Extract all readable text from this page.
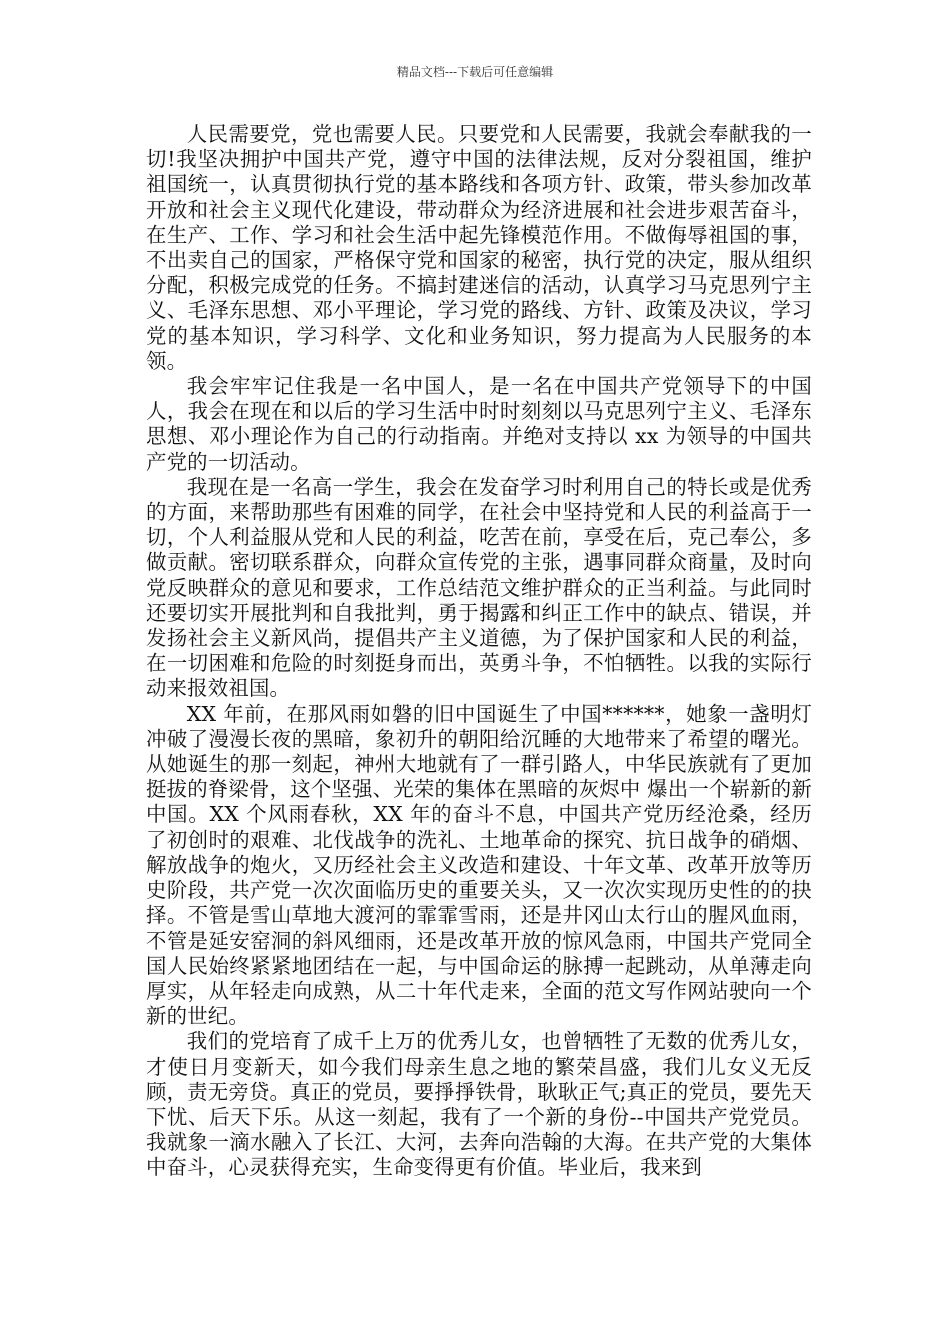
精品文档---下载后可任意编辑

人民需要党，党也需要人民。只要党和人民需要，我就会奉献我的一切!我坚决拥护中国共产党，遵守中国的法律法规，反对分裂祖国，维护祖国统一，认真贯彻执行党的基本路线和各项方针、政策，带头参加改革开放和社会主义现代化建设，带动群众为经济进展和社会进步艰苦奋斗，在生产、工作、学习和社会生活中起先锋模范作用。不做侮辱祖国的事，不出卖自己的国家，严格保守党和国家的秘密，执行党的决定，服从组织分配，积极完成党的任务。不搞封建迷信的活动，认真学习马克思列宁主义、毛泽东思想、邓小平理论，学习党的路线、方针、政策及决议，学习党的基本知识，学习科学、文化和业务知识，努力提高为人民服务的本领。

我会牢牢记住我是一名中国人，是一名在中国共产党领导下的中国人，我会在现在和以后的学习生活中时时刻刻以马克思列宁主义、毛泽东思想、邓小理论作为自己的行动指南。并绝对支持以 xx 为领导的中国共产党的一切活动。

我现在是一名高一学生，我会在发奋学习时利用自己的特长或是优秀的方面，来帮助那些有困难的同学，在社会中坚持党和人民的利益高于一切，个人利益服从党和人民的利益，吃苦在前，享受在后，克己奉公，多做贡献。密切联系群众，向群众宣传党的主张，遇事同群众商量，及时向党反映群众的意见和要求，工作总结范文维护群众的正当利益。与此同时还要切实开展批判和自我批判，勇于揭露和纠正工作中的缺点、错误，并发扬社会主义新风尚，提倡共产主义道德，为了保护国家和人民的利益，在一切困难和危险的时刻挺身而出，英勇斗争，不怕牺牲。以我的实际行动来报效祖国。

XX 年前，在那风雨如磐的旧中国诞生了中国******，她象一盏明灯冲破了漫漫长夜的黑暗，象初升的朝阳给沉睡的大地带来了希望的曙光。从她诞生的那一刻起，神州大地就有了一群引路人，中华民族就有了更加挺拔的脊梁骨，这个坚强、光荣的集体在黑暗的灰烬中 爆出一个崭新的新中国。XX 个风雨春秋，XX 年的奋斗不息，中国共产党历经沧桑，经历了初创时的艰难、北伐战争的洗礼、土地革命的探究、抗日战争的硝烟、解放战争的炮火，又历经社会主义改造和建设、十年文革、改革开放等历史阶段，共产党一次次面临历史的重要关头，又一次次实现历史性的的抉择。不管是雪山草地大渡河的霏霏雪雨，还是井冈山太行山的腥风血雨，不管是延安窑洞的斜风细雨，还是改革开放的惊风急雨，中国共产党同全国人民始终紧紧地团结在一起，与中国命运的脉搏一起跳动，从单薄走向厚实，从年轻走向成熟，从二十年代走来，全面的范文写作网站驶向一个新的世纪。

我们的党培育了成千上万的优秀儿女，也曾牺牲了无数的优秀儿女，才使日月变新天，如今我们母亲生息之地的繁荣昌盛，我们儿女义无反顾，责无旁贷。真正的党员，要掙掙铁骨，耿耿正气;真正的党员，要先天下忧、后天下乐。从这一刻起，我有了一个新的身份--中国共产党党员。我就象一滴水融入了长江、大河，去奔向浩翰的大海。在共产党的大集体中奋斗，心灵获得充实，生命变得更有价值。毕业后，我来到
